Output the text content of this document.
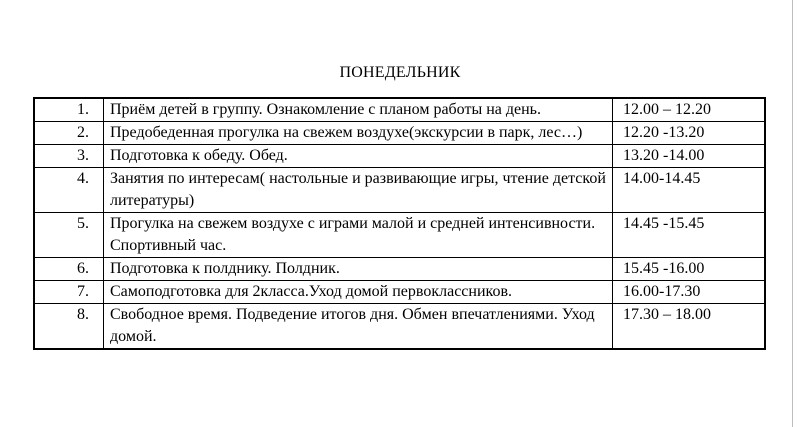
ПОНЕДЕЛЬНИК
1.	Приём детей в группу. Ознакомление с планом работы на день.	12.00 – 12.20
2.	Предобеденная прогулка на свежем воздухе(экскурсии в парк, лес…)	12.20 -13.20
3.	Подготовка к обеду. Обед.	13.20 -14.00
4.	Занятия по интересам( настольные и развивающие игры, чтение детской литературы)	14.00-14.45
5.	Прогулка на свежем воздухе с играми малой и средней интенсивности. Спортивный час.	14.45 -15.45
6.	Подготовка к полднику. Полдник.	15.45 -16.00
7.	Самоподготовка для 2класса.Уход домой первоклассников.	16.00-17.30
8.	Свободное время. Подведение итогов дня. Обмен впечатлениями. Уход домой.	17.30 – 18.00
